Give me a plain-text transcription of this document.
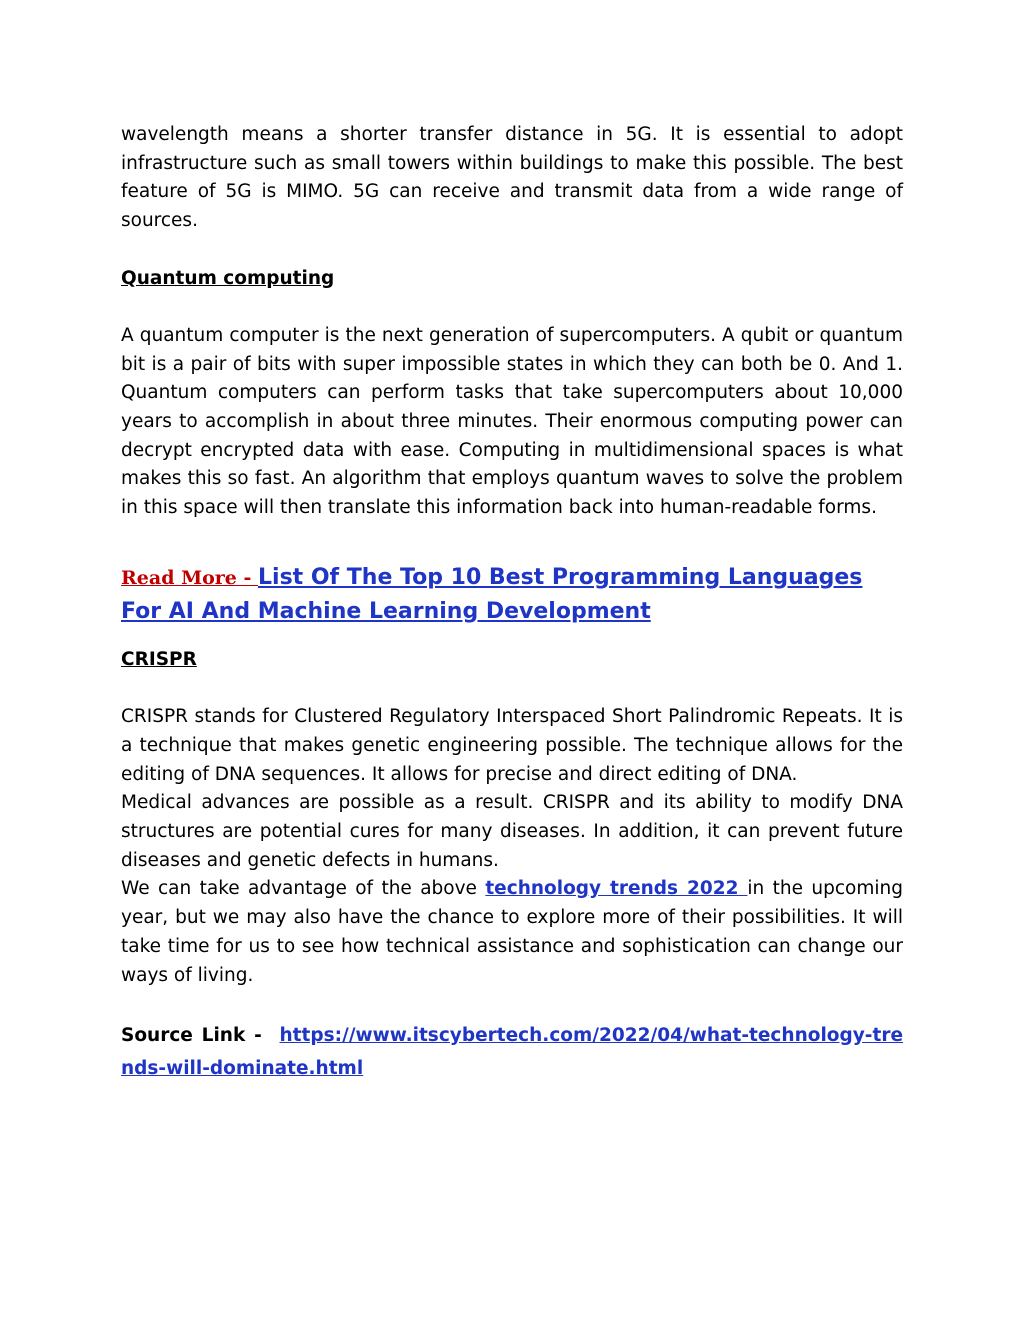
wavelength means a shorter transfer distance in 5G. It is essential to adopt infrastructure such as small towers within buildings to make this possible. The best feature of 5G is MIMO. 5G can receive and transmit data from a wide range of sources.

Quantum computing

A quantum computer is the next generation of supercomputers. A qubit or quantum bit is a pair of bits with super impossible states in which they can both be 0. And 1. Quantum computers can perform tasks that take supercomputers about 10,000 years to accomplish in about three minutes. Their enormous computing power can decrypt encrypted data with ease. Computing in multidimensional spaces is what makes this so fast. An algorithm that employs quantum waves to solve the problem in this space will then translate this information back into human-readable forms.

Read More - List Of The Top 10 Best Programming Languages For AI And Machine Learning Development

CRISPR

CRISPR stands for Clustered Regulatory Interspaced Short Palindromic Repeats. It is a technique that makes genetic engineering possible. The technique allows for the editing of DNA sequences. It allows for precise and direct editing of DNA.

Medical advances are possible as a result. CRISPR and its ability to modify DNA structures are potential cures for many diseases. In addition, it can prevent future diseases and genetic defects in humans.

We can take advantage of the above technology trends 2022 in the upcoming year, but we may also have the chance to explore more of their possibilities. It will take time for us to see how technical assistance and sophistication can change our ways of living.

Source Link -  https://www.itscybertech.com/2022/04/what-technology-trends-will-dominate.html
